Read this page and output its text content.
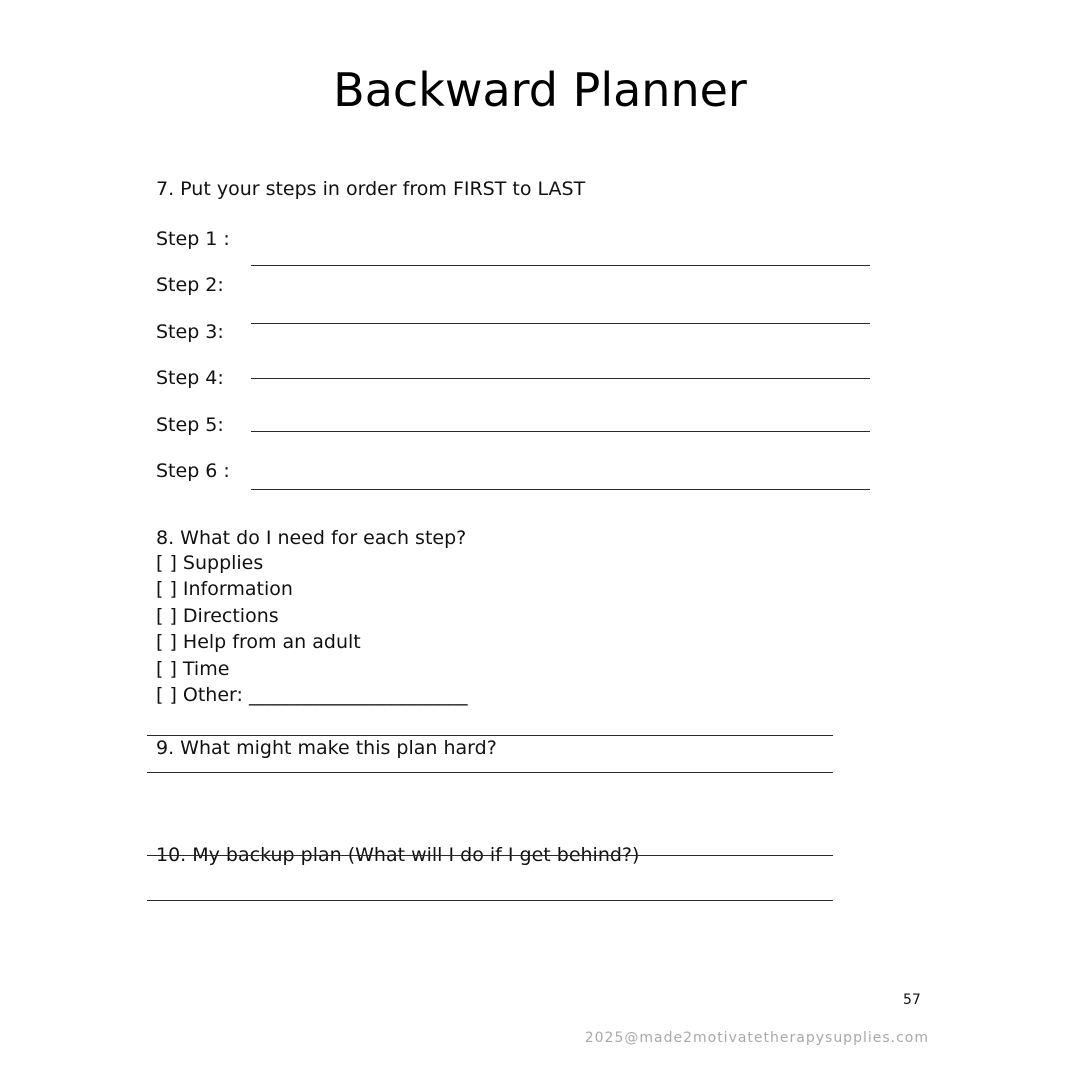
Backward Planner
7. Put your steps in order from FIRST to LAST
Step 1 :
Step 2:
Step 3:
Step 4:
Step 5:
Step 6 :
8. What do I need for each step?
[ ] Supplies
[ ] Information
[ ] Directions
[ ] Help from an adult
[ ] Time
[ ] Other: _______________________
9. What might make this plan hard?
10. My backup plan (What will I do if I get behind?)
57
2025@made2motivatetherapysupplies.com
